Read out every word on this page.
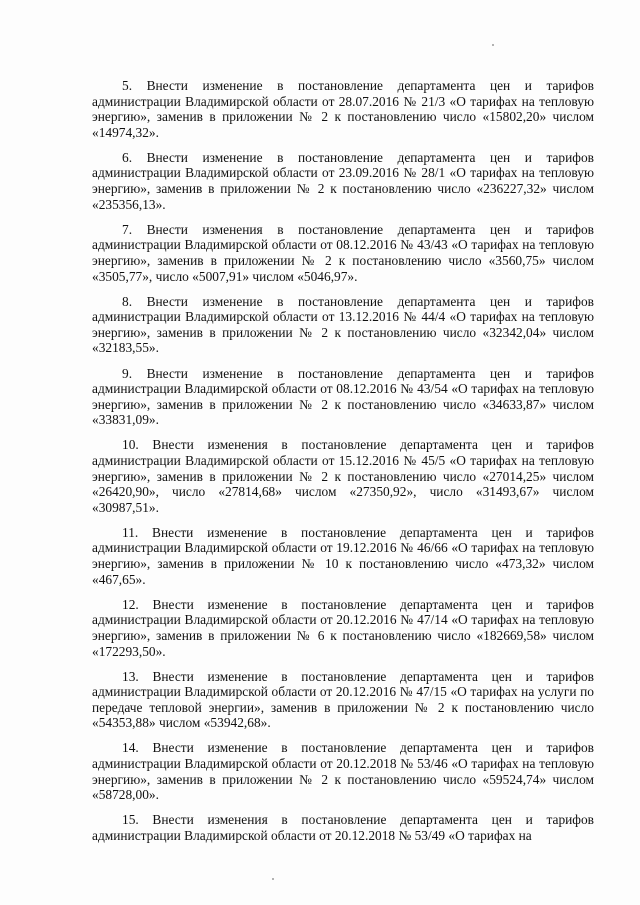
5. Внести изменение в постановление департамента цен и тарифов администрации Владимирской области от 28.07.2016 № 21/3 «О тарифах на тепловую энергию», заменив в приложении № 2 к постановлению число «15802,20» числом «14974,32».

6. Внести изменение в постановление департамента цен и тарифов администрации Владимирской области от 23.09.2016 № 28/1 «О тарифах на тепловую энергию», заменив в приложении № 2 к постановлению число «236227,32» числом «235356,13».

7. Внести изменения в постановление департамента цен и тарифов администрации Владимирской области от 08.12.2016 № 43/43 «О тарифах на тепловую энергию», заменив в приложении № 2 к постановлению число «3560,75» числом «3505,77», число «5007,91» числом «5046,97».

8. Внести изменение в постановление департамента цен и тарифов администрации Владимирской области от 13.12.2016 № 44/4 «О тарифах на тепловую энергию», заменив в приложении № 2 к постановлению число «32342,04» числом «32183,55».

9. Внести изменение в постановление департамента цен и тарифов администрации Владимирской области от 08.12.2016 № 43/54 «О тарифах на тепловую энергию», заменив в приложении № 2 к постановлению число «34633,87» числом «33831,09».

10. Внести изменения в постановление департамента цен и тарифов администрации Владимирской области от 15.12.2016 № 45/5 «О тарифах на тепловую энергию», заменив в приложении № 2 к постановлению число «27014,25» числом «26420,90», число «27814,68» числом «27350,92», число «31493,67» числом «30987,51».

11. Внести изменение в постановление департамента цен и тарифов администрации Владимирской области от 19.12.2016 № 46/66 «О тарифах на тепловую энергию», заменив в приложении № 10 к постановлению число «473,32» числом «467,65».

12. Внести изменение в постановление департамента цен и тарифов администрации Владимирской области от 20.12.2016 № 47/14 «О тарифах на тепловую энергию», заменив в приложении № 6 к постановлению число «182669,58» числом «172293,50».

13. Внести изменение в постановление департамента цен и тарифов администрации Владимирской области от 20.12.2016 № 47/15 «О тарифах на услуги по передаче тепловой энергии», заменив в приложении № 2 к постановлению число «54353,88» числом «53942,68».

14. Внести изменение в постановление департамента цен и тарифов администрации Владимирской области от 20.12.2018 № 53/46 «О тарифах на тепловую энергию», заменив в приложении № 2 к постановлению число «59524,74» числом «58728,00».

15. Внести изменения в постановление департамента цен и тарифов администрации Владимирской области от 20.12.2018 № 53/49 «О тарифах на
